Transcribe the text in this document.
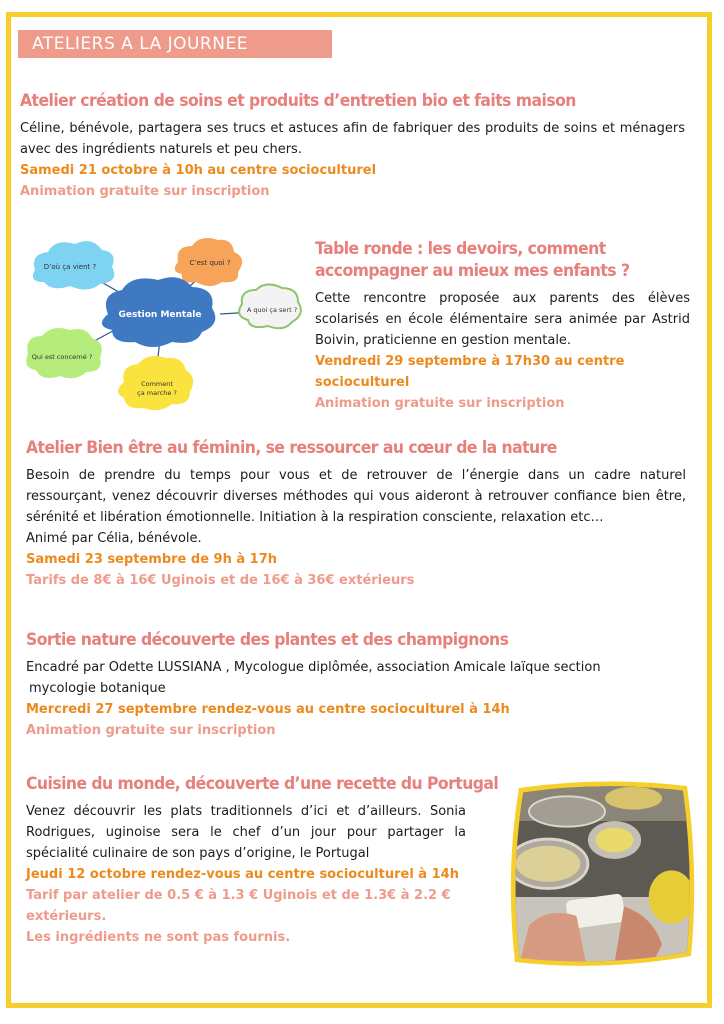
ATELIERS A LA JOURNEE
Atelier création de soins et produits d’entretien bio et faits maison
Céline, bénévole, partagera ses trucs et astuces afin de fabriquer des produits de soins et ménagers avec des ingrédients naturels et peu chers.
Samedi 21 octobre à 10h au centre socioculturel
Animation gratuite sur inscription
D’où ça vient ?	C’est quoi ?
Gestion Mentale	A quoi ça sert ?
Qui est concerné ?
Comment
ça marche ?
Table ronde : les devoirs, comment
accompagner au mieux mes enfants ?
Cette rencontre proposée aux parents des élèves scolarisés en école élémentaire sera animée par Astrid Boivin, praticienne en gestion mentale.
Vendredi 29 septembre à 17h30 au centre
socioculturel
Animation gratuite sur inscription
Atelier Bien être au féminin, se ressourcer au cœur de la nature
Besoin de prendre du temps pour vous et de retrouver de l’énergie dans un cadre naturel ressourçant, venez découvrir diverses méthodes qui vous aideront à retrouver confiance bien être, sérénité et libération émotionnelle. Initiation à la respiration consciente, relaxation etc…
Animé par Célia, bénévole.
Samedi 23 septembre de 9h à 17h
Tarifs de 8€ à 16€ Uginois et de 16€ à 36€ extérieurs
Sortie nature découverte des plantes et des champignons
Encadré par Odette LUSSIANA , Mycologue diplômée, association Amicale laïque section
mycologie botanique
Mercredi 27 septembre rendez-vous au centre socioculturel à 14h
Animation gratuite sur inscription
Cuisine du monde, découverte d’une recette du Portugal
Venez découvrir les plats traditionnels d’ici et d’ailleurs. Sonia Rodrigues, uginoise sera le chef d’un jour pour partager la spécialité culinaire de son pays d’origine, le Portugal
Jeudi 12 octobre rendez-vous au centre socioculturel à 14h
Tarif par atelier de 0.5 € à 1.3 € Uginois et de 1.3€ à 2.2 €
extérieurs.
Les ingrédients ne sont pas fournis.
